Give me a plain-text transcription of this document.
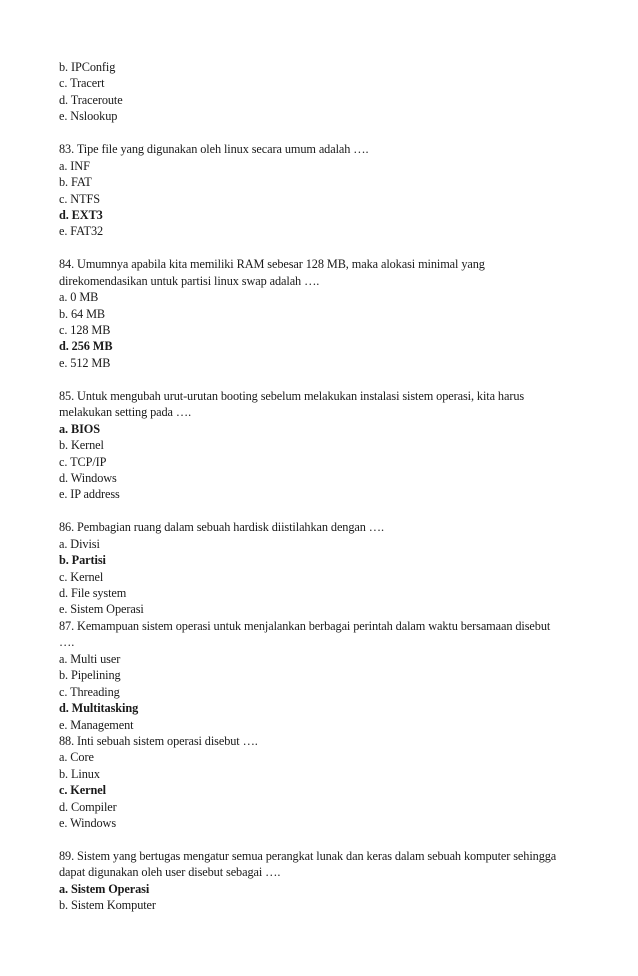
b. IPConfig
c. Tracert
d. Traceroute
e. Nslookup
83. Tipe file yang digunakan oleh linux secara umum adalah ….
a. INF
b. FAT
c. NTFS
d. EXT3
e. FAT32
84. Umumnya apabila kita memiliki RAM sebesar 128 MB, maka alokasi minimal yang
direkomendasikan untuk partisi linux swap adalah ….
a. 0 MB
b. 64 MB
c. 128 MB
d. 256 MB
e. 512 MB
85. Untuk mengubah urut-urutan booting sebelum melakukan instalasi sistem operasi, kita harus
melakukan setting pada ….
a. BIOS
b. Kernel
c. TCP/IP
d. Windows
e. IP address
86. Pembagian ruang dalam sebuah hardisk diistilahkan dengan ….
a. Divisi
b. Partisi
c. Kernel
d. File system
e. Sistem Operasi
87. Kemampuan sistem operasi untuk menjalankan berbagai perintah dalam waktu bersamaan disebut
….
a. Multi user
b. Pipelining
c. Threading
d. Multitasking
e. Management
88. Inti sebuah sistem operasi disebut ….
a. Core
b. Linux
c. Kernel
d. Compiler
e. Windows
89. Sistem yang bertugas mengatur semua perangkat lunak dan keras dalam sebuah komputer sehingga
dapat digunakan oleh user disebut sebagai ….
a. Sistem Operasi
b. Sistem Komputer
